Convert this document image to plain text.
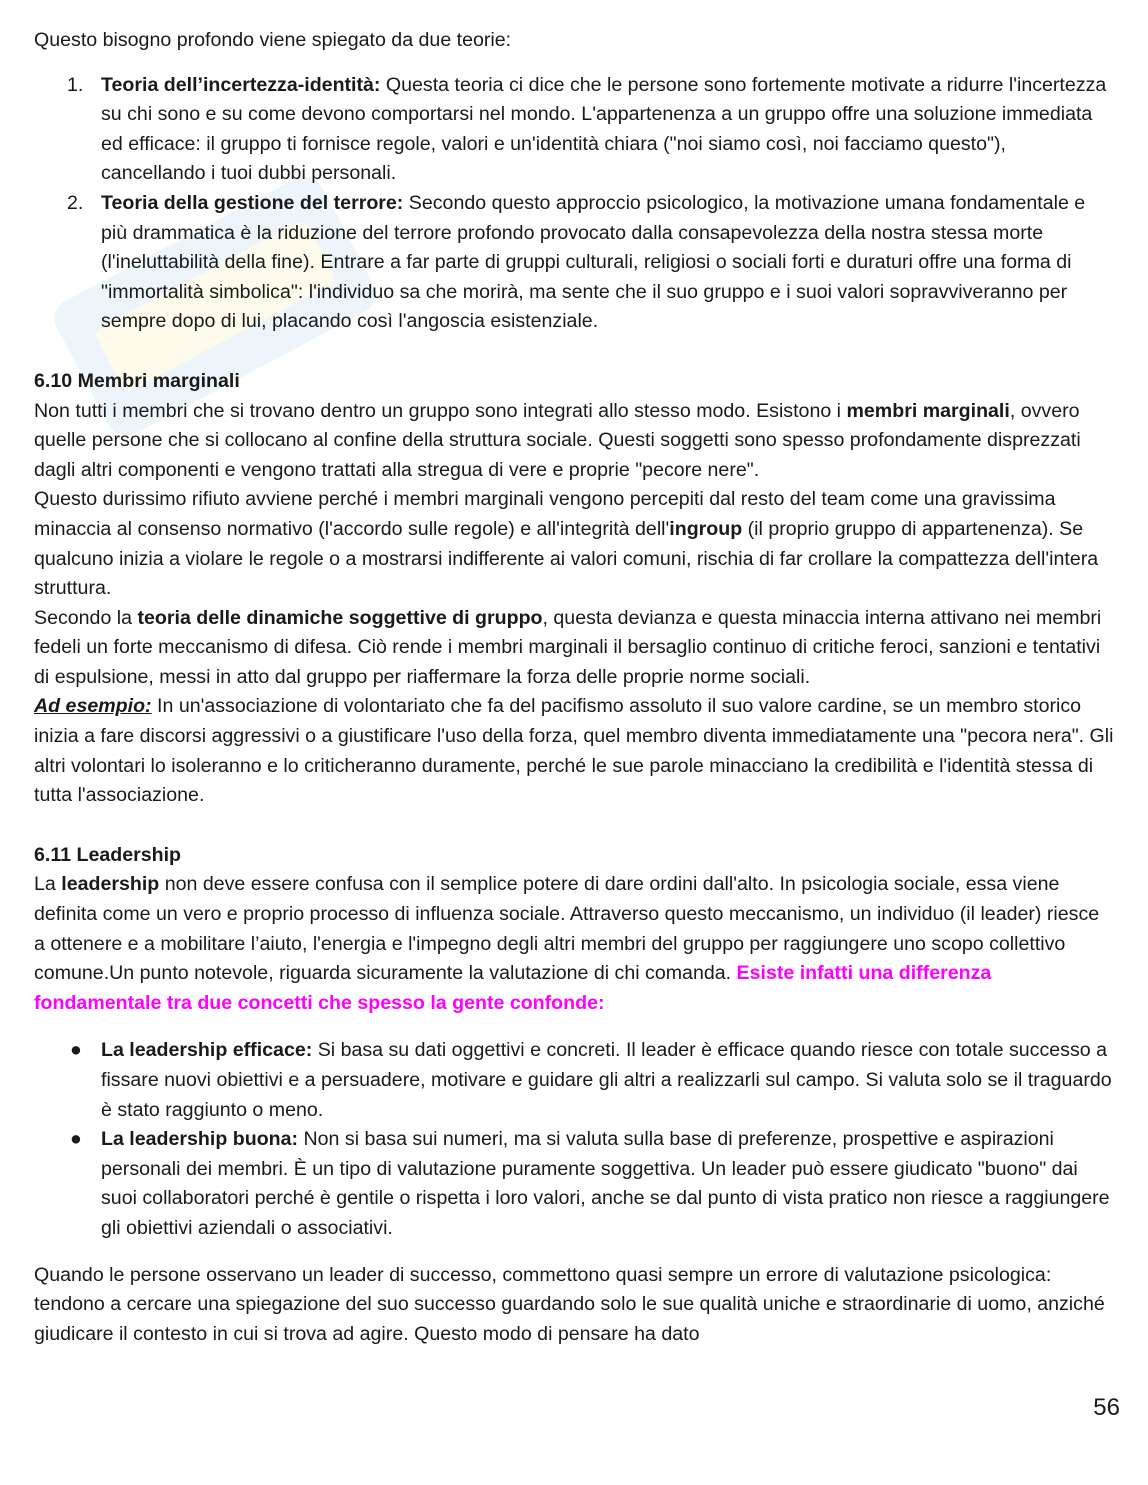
Questo bisogno profondo viene spiegato da due teorie:

1. Teoria dell’incertezza-identità: Questa teoria ci dice che le persone sono fortemente motivate a ridurre l'incertezza su chi sono e su come devono comportarsi nel mondo. L'appartenenza a un gruppo offre una soluzione immediata ed efficace: il gruppo ti fornisce regole, valori e un'identità chiara ("noi siamo così, noi facciamo questo"), cancellando i tuoi dubbi personali.
2. Teoria della gestione del terrore: Secondo questo approccio psicologico, la motivazione umana fondamentale e più drammatica è la riduzione del terrore profondo provocato dalla consapevolezza della nostra stessa morte (l'ineluttabilità della fine). Entrare a far parte di gruppi culturali, religiosi o sociali forti e duraturi offre una forma di "immortalità simbolica": l'individuo sa che morirà, ma sente che il suo gruppo e i suoi valori sopravviveranno per sempre dopo di lui, placando così l'angoscia esistenziale.

6.10 Membri marginali

Non tutti i membri che si trovano dentro un gruppo sono integrati allo stesso modo. Esistono i membri marginali, ovvero quelle persone che si collocano al confine della struttura sociale. Questi soggetti sono spesso profondamente disprezzati dagli altri componenti e vengono trattati alla stregua di vere e proprie "pecore nere".

Questo durissimo rifiuto avviene perché i membri marginali vengono percepiti dal resto del team come una gravissima minaccia al consenso normativo (l'accordo sulle regole) e all'integrità dell'ingroup (il proprio gruppo di appartenenza). Se qualcuno inizia a violare le regole o a mostrarsi indifferente ai valori comuni, rischia di far crollare la compattezza dell'intera struttura.

Secondo la teoria delle dinamiche soggettive di gruppo, questa devianza e questa minaccia interna attivano nei membri fedeli un forte meccanismo di difesa. Ciò rende i membri marginali il bersaglio continuo di critiche feroci, sanzioni e tentativi di espulsione, messi in atto dal gruppo per riaffermare la forza delle proprie norme sociali.

Ad esempio: In un'associazione di volontariato che fa del pacifismo assoluto il suo valore cardine, se un membro storico inizia a fare discorsi aggressivi o a giustificare l'uso della forza, quel membro diventa immediatamente una "pecora nera". Gli altri volontari lo isoleranno e lo criticheranno duramente, perché le sue parole minacciano la credibilità e l'identità stessa di tutta l'associazione.

6.11 Leadership

La leadership non deve essere confusa con il semplice potere di dare ordini dall'alto. In psicologia sociale, essa viene definita come un vero e proprio processo di influenza sociale. Attraverso questo meccanismo, un individuo (il leader) riesce a ottenere e a mobilitare l’aiuto, l'energia e l'impegno degli altri membri del gruppo per raggiungere uno scopo collettivo comune.Un punto notevole, riguarda sicuramente la valutazione di chi comanda. Esiste infatti una differenza fondamentale tra due concetti che spesso la gente confonde:

● La leadership efficace: Si basa su dati oggettivi e concreti. Il leader è efficace quando riesce con totale successo a fissare nuovi obiettivi e a persuadere, motivare e guidare gli altri a realizzarli sul campo. Si valuta solo se il traguardo è stato raggiunto o meno.
● La leadership buona: Non si basa sui numeri, ma si valuta sulla base di preferenze, prospettive e aspirazioni personali dei membri. È un tipo di valutazione puramente soggettiva. Un leader può essere giudicato "buono" dai suoi collaboratori perché è gentile o rispetta i loro valori, anche se dal punto di vista pratico non riesce a raggiungere gli obiettivi aziendali o associativi.

Quando le persone osservano un leader di successo, commettono quasi sempre un errore di valutazione psicologica: tendono a cercare una spiegazione del suo successo guardando solo le sue qualità uniche e straordinarie di uomo, anziché giudicare il contesto in cui si trova ad agire. Questo modo di pensare ha dato

56
